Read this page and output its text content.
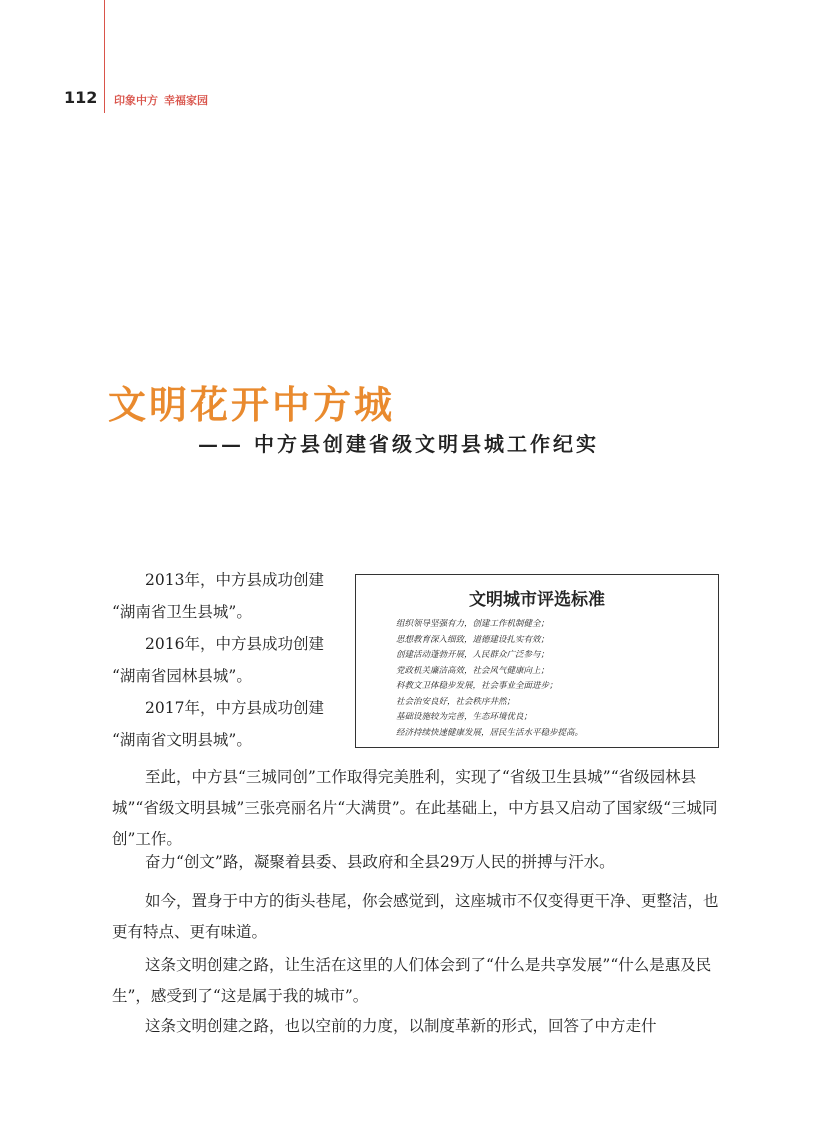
112 印象中方 幸福家园
文明花开中方城
—— 中方县创建省级文明县城工作纪实
2013年，中方县成功创建
“湖南省卫生县城”。
2016年，中方县成功创建
“湖南省园林县城”。
2017年，中方县成功创建
“湖南省文明县城”。
文明城市评选标准
组织领导坚强有力，创建工作机制健全；
思想教育深入细致，道德建设扎实有效；
创建活动蓬勃开展，人民群众广泛参与；
党政机关廉洁高效，社会风气健康向上；
科教文卫体稳步发展，社会事业全面进步；
社会治安良好，社会秩序井然；
基础设施较为完善，生态环境优良；
经济持续快速健康发展，居民生活水平稳步提高。
至此，中方县“三城同创”工作取得完美胜利，实现了“省级卫生县城”“省级园林县城”“省级文明县城”三张亮丽名片“大满贯”。在此基础上，中方县又启动了国家级“三城同创”工作。
奋力“创文”路，凝聚着县委、县政府和全县29万人民的拼搏与汗水。
如今，置身于中方的街头巷尾，你会感觉到，这座城市不仅变得更干净、更整洁，也更有特点、更有味道。
这条文明创建之路，让生活在这里的人们体会到了“什么是共享发展”“什么是惠及民生”，感受到了“这是属于我的城市”。
这条文明创建之路，也以空前的力度，以制度革新的形式，回答了中方走什
